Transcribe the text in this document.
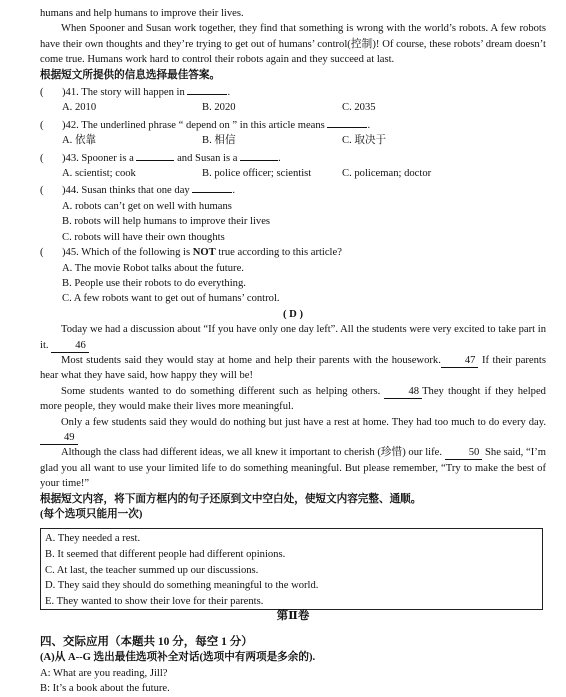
humans and help humans to improve their lives.

When Spooner and Susan work together, they find that something is wrong with the world’s robots. A few robots have their own thoughts and they’re trying to get out of humans’ control(控制)! Of course, these robots’ dream doesn’t come true. Humans work hard to control their robots again and they succeed at last.

根据短文所提供的信息选择最佳答案。

( )41. The story will happen in	.

A. 2010	B. 2020	C. 2035

( )42. The underlined phrase “ depend on ” in this article means	.

A. 依靠	B. 相信	C. 取决于

( )43. Spooner is a	and Susan is a	.

A. scientist; cook	B. police officer; scientist	C. policeman; doctor

( )44. Susan thinks that one day	.

A. robots can’t get on well with humans

B. robots will help humans to improve their lives

C. robots will have their own thoughts

( )45. Which of the following is NOT true according to this article?

A. The movie Robot talks about the future.

B. People use their robots to do everything.

C. A few robots want to get out of humans’ control.

( D )

Today we had a discussion about “If you have only one day left”. All the students were very excited to take part in it.	46

Most students said they would stay at home and help their parents with the housework. 47 If their parents hear what they have said, how happy they will be!

Some students wanted to do something different such as helping others.	48 They thought if they helped more people, they would make their lives more meaningful.

Only a few students said they would do nothing but just have a rest at home. They had too much to do every day. 49

Although the class had different ideas, we all knew it important to cherish (珍惜) our life.	50 She said, “I’m glad you all want to use your limited life to do something meaningful. But please remember, “Try to make the best of your time!”

根据短文内容，将下面方框内的句子还原到文中空白处，使短文内容完整、通顺。

(每个选项只能用一次)

A. They needed a rest.

B. It seemed that different people had different opinions.

C. At last, the teacher summed up our discussions.

D. They said they should do something meaningful to the world.

E. They wanted to show their love for their parents.

第Ⅱ卷

四、交际应用（本题共 10 分，每空 1 分）

(A)从 A--G 选出最佳选项补全对话(选项中有两项是多余的).

A: What are you reading, Jill?

B: It’s a book about the future.
